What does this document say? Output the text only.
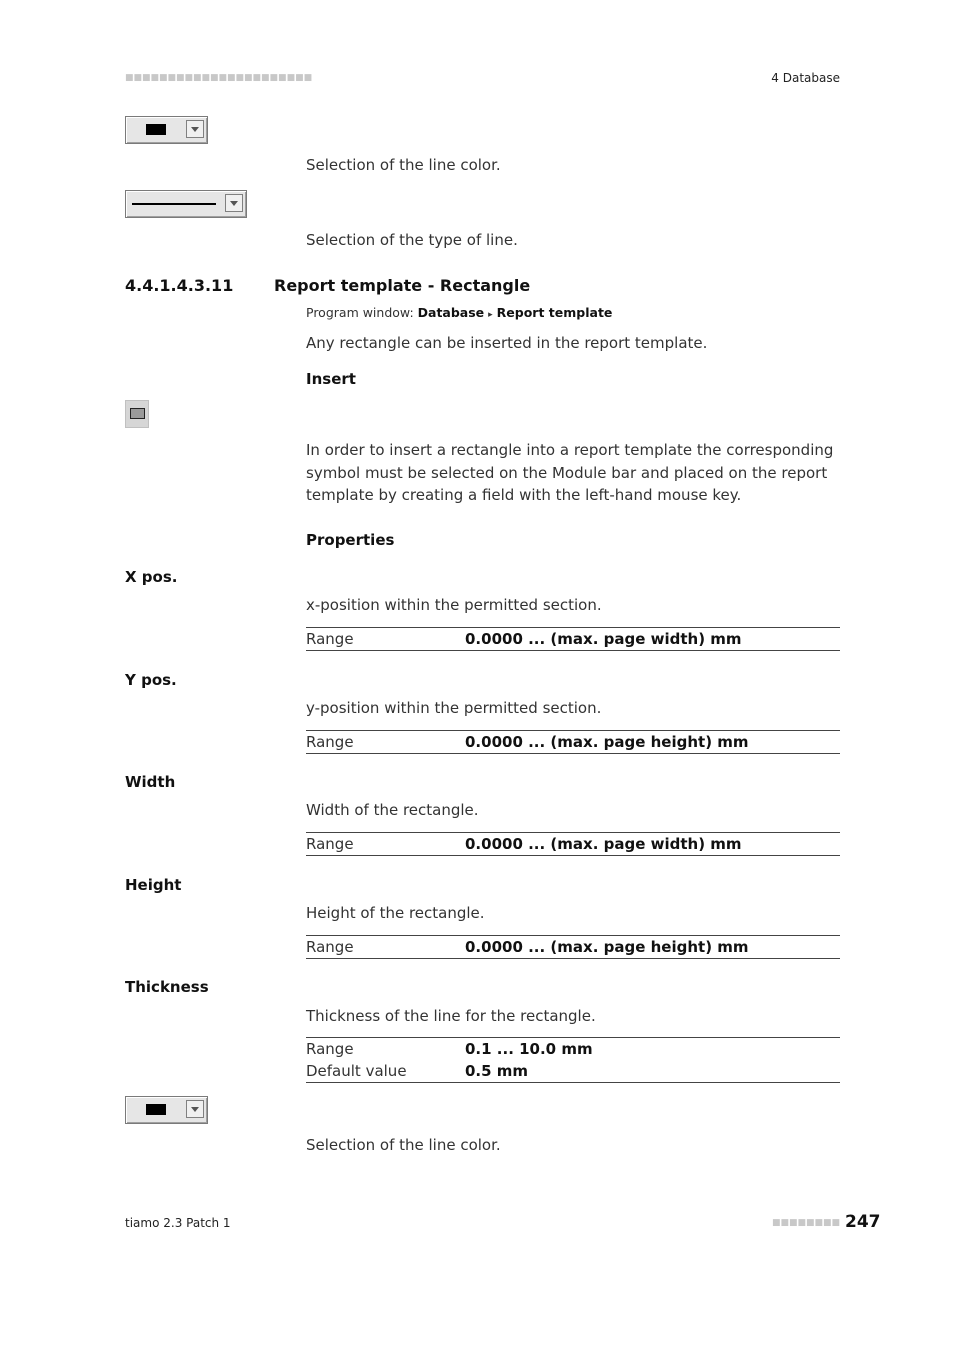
■■■■■■■■■■■■■■■■■■■■■■	4 Database
Selection of the line color.
Selection of the type of line.
4.4.1.4.3.11	Report template - Rectangle
Program window: Database ▸ Report template
Any rectangle can be inserted in the report template.
Insert
In order to insert a rectangle into a report template the corresponding symbol must be selected on the Module bar and placed on the report template by creating a field with the left-hand mouse key.
Properties
X pos.
x-position within the permitted section.
Range	0.0000 ... (max. page width) mm
Y pos.
y-position within the permitted section.
Range	0.0000 ... (max. page height) mm
Width
Width of the rectangle.
Range	0.0000 ... (max. page width) mm
Height
Height of the rectangle.
Range	0.0000 ... (max. page height) mm
Thickness
Thickness of the line for the rectangle.
Range	0.1 ... 10.0 mm
Default value	0.5 mm
Selection of the line color.
tiamo 2.3 Patch 1	■■■■■■■■ 247
